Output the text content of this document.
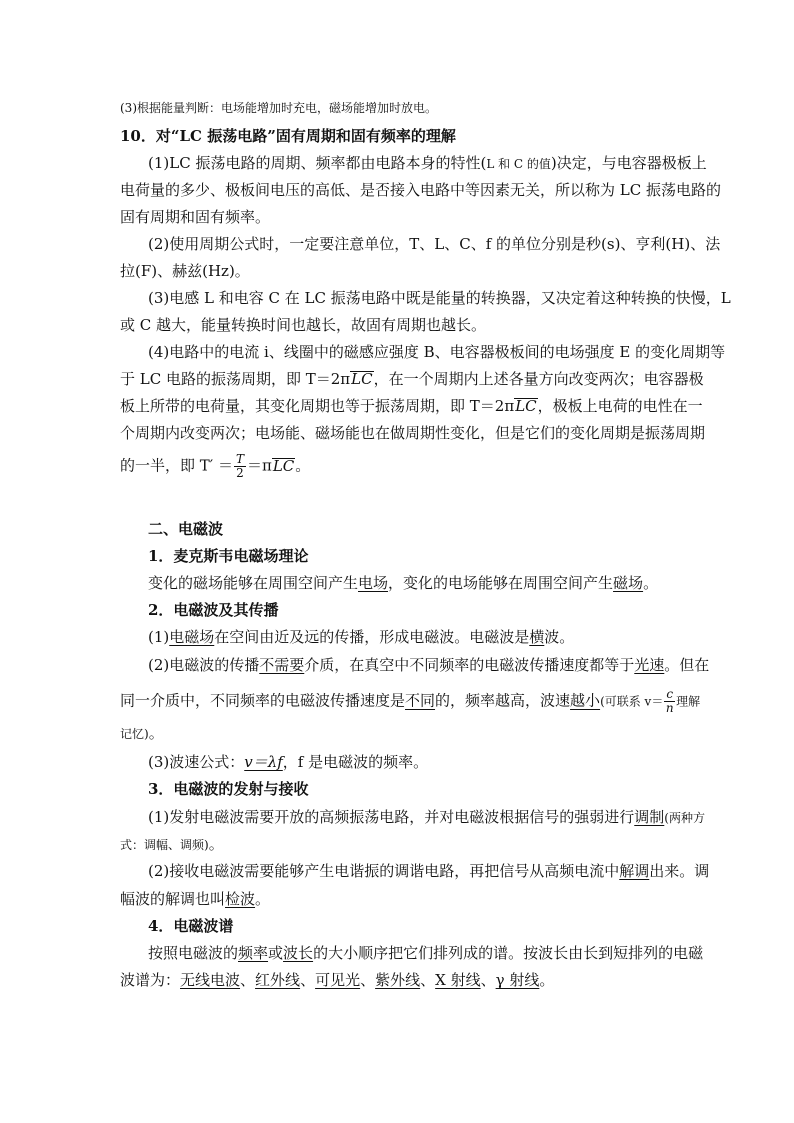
(3)根据能量判断：电场能增加时充电，磁场能增加时放电。
10．对“LC 振荡电路”固有周期和固有频率的理解
(1)LC 振荡电路的周期、频率都由电路本身的特性(L 和 C 的值)决定，与电容器极板上
电荷量的多少、极板间电压的高低、是否接入电路中等因素无关，所以称为 LC 振荡电路的
固有周期和固有频率。
(2)使用周期公式时，一定要注意单位，T、L、C、f 的单位分别是秒(s)、亨利(H)、法
拉(F)、赫兹(Hz)。
(3)电感 L 和电容 C 在 LC 振荡电路中既是能量的转换器，又决定着这种转换的快慢，L
或 C 越大，能量转换时间也越长，故固有周期也越长。
(4)电路中的电流 i、线圈中的磁感应强度 B、电容器极板间的电场强度 E 的变化周期等
于 LC 电路的振荡周期，即 T＝2πLC，在一个周期内上述各量方向改变两次；电容器极
板上所带的电荷量，其变化周期也等于振荡周期，即 T＝2πLC，极板上电荷的电性在一
个周期内改变两次；电场能、磁场能也在做周期性变化，但是它们的变化周期是振荡周期
的一半，即 $T' = \frac{T}{2} =\pi LC$。
二、电磁波
1．麦克斯韦电磁场理论
变化的磁场能够在周围空间产生电场，变化的电场能够在周围空间产生磁场。
2．电磁波及其传播
(1)电磁场在空间由近及远的传播，形成电磁波。电磁波是横波。
(2)电磁波的传播不需要介质，在真空中不同频率的电磁波传播速度都等于光速。但在
同一介质中，不同频率的电磁波传播速度是不同的，频率越高，波速越小(可联系 $v= \frac{c}{n}$ 理解
记忆)。
(3)波速公式：v＝λf，f 是电磁波的频率。
3．电磁波的发射与接收
(1)发射电磁波需要开放的高频振荡电路，并对电磁波根据信号的强弱进行调制(两种方
式：调幅、调频)。
(2)接收电磁波需要能够产生电谐振的调谐电路，再把信号从高频电流中解调出来。调
幅波的解调也叫检波。
4．电磁波谱
按照电磁波的频率或波长的大小顺序把它们排列成的谱。按波长由长到短排列的电磁
波谱为：无线电波、红外线、可见光、紫外线、X 射线、γ 射线。
